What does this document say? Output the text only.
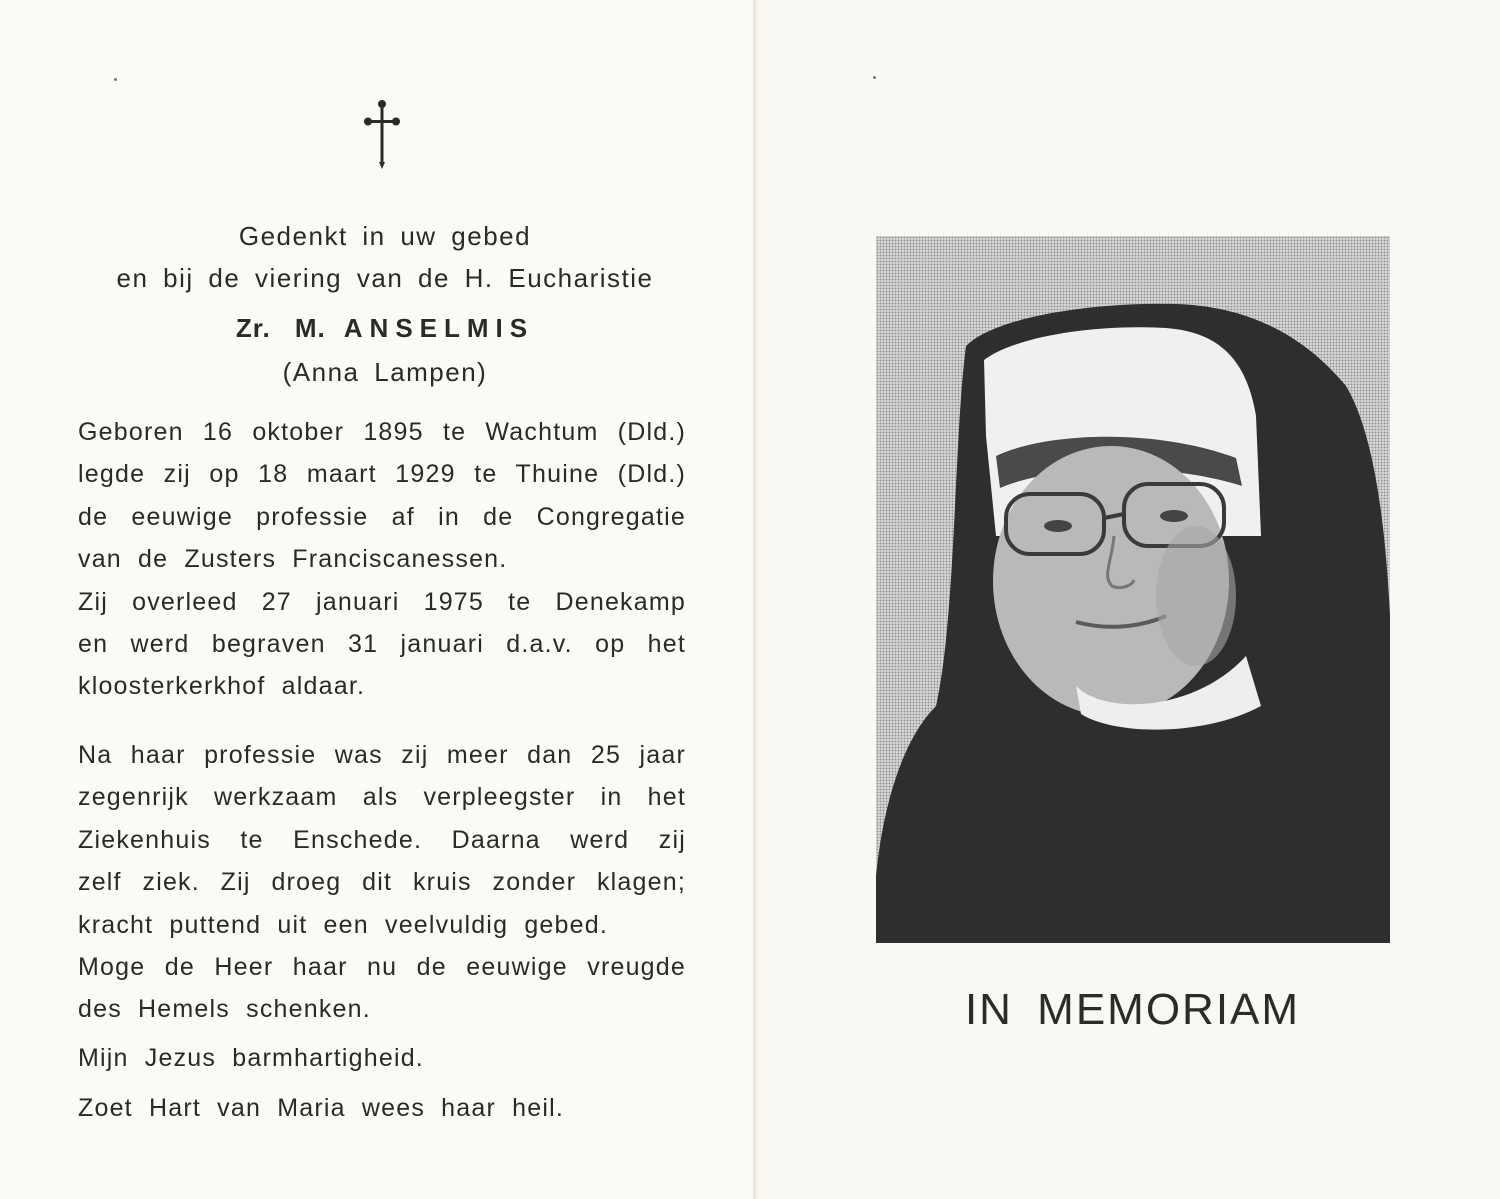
Gedenkt in uw gebed

en bij de viering van de H. Eucharistie

Zr. M. ANSELMIS

(Anna Lampen)

Geboren 16 oktober 1895 te Wachtum (Dld.)
legde zij op 18 maart 1929 te Thuine (Dld.)
de eeuwige professie af in de Congregatie
van de Zusters Franciscanessen.
Zij overleed 27 januari 1975 te Denekamp
en werd begraven 31 januari d.a.v. op het
kloosterkerkhof aldaar.
Na haar professie was zij meer dan 25 jaar
zegenrijk werkzaam als verpleegster in het
Ziekenhuis te Enschede. Daarna werd zij
zelf ziek. Zij droeg dit kruis zonder klagen;
kracht puttend uit een veelvuldig gebed.
Moge de Heer haar nu de eeuwige vreugde
des Hemels schenken.

Mijn Jezus barmhartigheid.

Zoet Hart van Maria wees haar heil.

IN MEMORIAM
